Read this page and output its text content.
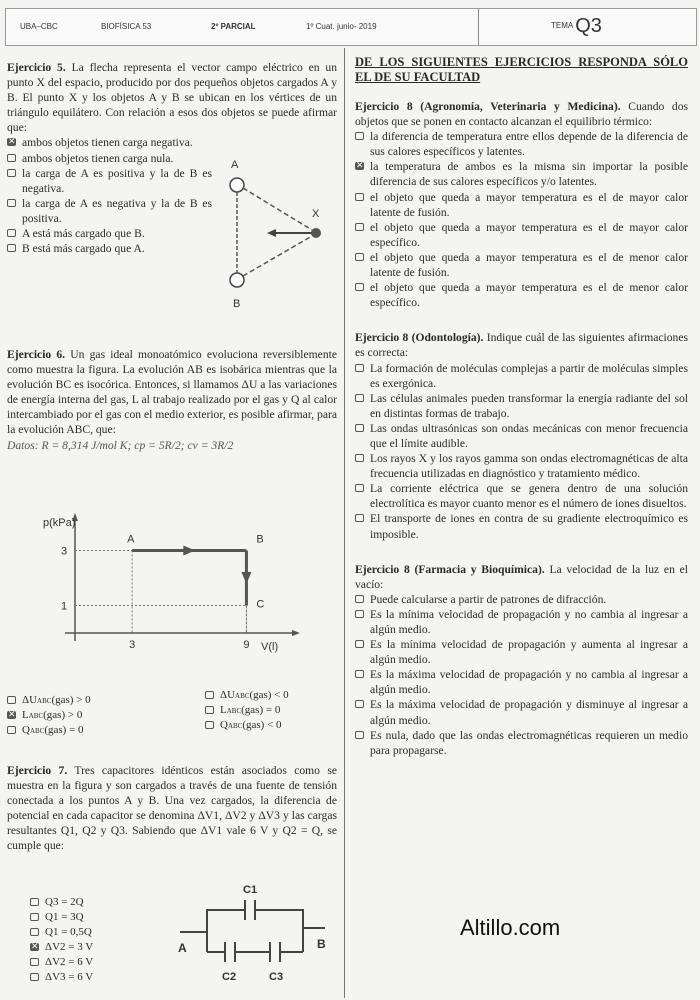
UBA–CBC	BIOFÍSICA 53	2º PARCIAL	1º Cuat. junio- 2019	TEMA Q3

Ejercicio 5. La flecha representa el vector campo eléctrico en un punto X del espacio, producido por dos pequeños objetos cargados A y B. El punto X y los objetos A y B se ubican en los vértices de un triángulo equilátero. Con relación a esos dos objetos se puede afirmar que:

✕ ambos objetos tienen carga negativa.
ambos objetos tienen carga nula.
la carga de A es positiva y la de B es negativa.
la carga de A es negativa y la de B es positiva.
A está más cargado que B.
B está más cargado que A.
A
X
B

Ejercicio 6. Un gas ideal monoatómico evoluciona reversiblemente como muestra la figura. La evolución AB es isobárica mientras que la evolución BC es isocórica. Entonces, si llamamos ΔU a las variaciones de energía interna del gas, L al trabajo realizado por el gas y Q al calor intercambiado por el gas con el medio exterior, es posible afirmar, para la evolución ABC, que:

Datos: R = 8,314 J/mol K; cp = 5R/2; cv = 3R/2

A	B
C
3	9
1
3
p(kPa)
V(l)
ΔUABC(gas) > 0
✕ LABC(gas) > 0
QABC(gas) = 0
ΔUABC(gas) < 0
LABC(gas) = 0
QABC(gas) < 0

Ejercicio 7. Tres capacitores idénticos están asociados como se muestra en la figura y son cargados a través de una fuente de tensión conectada a los puntos A y B. Una vez cargados, la diferencia de potencial en cada capacitor se denomina ΔV1, ΔV2 y ΔV3 y las cargas resultantes Q1, Q2 y Q3. Sabiendo que ΔV1 vale 6 V y Q2 = Q, se cumple que:

Q3 = 2Q
Q1 = 3Q
Q1 = 0,5Q
✕ ΔV2 = 3 V
ΔV2 = 6 V
ΔV3 = 6 V
C1
C2	C3
A	B

DE LOS SIGUIENTES EJERCICIOS RESPONDA SÓLO EL DE SU FACULTAD

Ejercicio 8 (Agronomía, Veterinaria y Medicina). Cuando dos objetos que se ponen en contacto alcanzan el equilibrio térmico:

la diferencia de temperatura entre ellos depende de la diferencia de sus calores específicos y latentes.
✕ la temperatura de ambos es la misma sin importar la posible diferencia de sus calores específicos y/o latentes.
el objeto que queda a mayor temperatura es el de mayor calor latente de fusión.
el objeto que queda a mayor temperatura es el de mayor calor específico.
el objeto que queda a mayor temperatura es el de menor calor latente de fusión.
el objeto que queda a mayor temperatura es el de menor calor específico.

Ejercicio 8 (Odontología). Indique cuál de las siguientes afirmaciones es correcta:

La formación de moléculas complejas a partir de moléculas simples es exergónica.
Las células animales pueden transformar la energía radiante del sol en distintas formas de trabajo.
Las ondas ultrasónicas son ondas mecánicas con menor frecuencia que el límite audible.
Los rayos X y los rayos gamma son ondas electromagnéticas de alta frecuencia utilizadas en diagnóstico y tratamiento médico.
La corriente eléctrica que se genera dentro de una solución electrolítica es mayor cuanto menor es el número de iones disueltos.
El transporte de iones en contra de su gradiente electroquímico es imposible.

Ejercicio 8 (Farmacia y Bioquímica). La velocidad de la luz en el vacío:

Puede calcularse a partir de patrones de difracción.
Es la mínima velocidad de propagación y no cambia al ingresar a algún medio.
Es la mínima velocidad de propagación y aumenta al ingresar a algún medio.
Es la máxima velocidad de propagación y no cambia al ingresar a algún medio.
Es la máxima velocidad de propagación y disminuye al ingresar a algún medio.
Es nula, dado que las ondas electromagnéticas requieren un medio para propagarse.
Altillo.com
